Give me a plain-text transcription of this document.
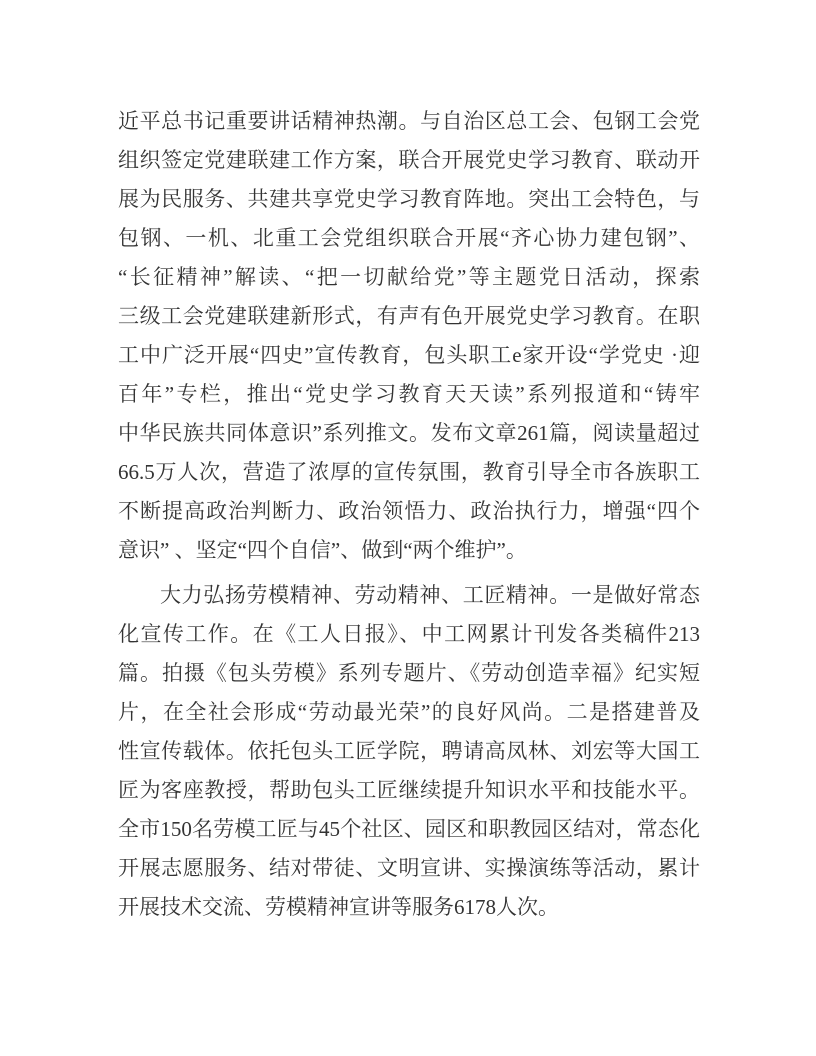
近平总书记重要讲话精神热潮。与自治区总工会、包钢工会党
组织签定党建联建工作方案，联合开展党史学习教育、联动开
展为民服务、共建共享党史学习教育阵地。突出工会特色，与
包钢、一机、北重工会党组织联合开展“齐心协力建包钢”、
“长征精神”解读、“把一切献给党”等主题党日活动，探索
三级工会党建联建新形式，有声有色开展党史学习教育。在职
工中广泛开展“四史”宣传教育，包头职工e家开设“学党史 ·迎
百年”专栏，推出“党史学习教育天天读”系列报道和“铸牢
中华民族共同体意识”系列推文。发布文章261篇，阅读量超过
66.5万人次，营造了浓厚的宣传氛围，教育引导全市各族职工
不断提高政治判断力、政治领悟力、政治执行力，增强“四个
意识” 、坚定“四个自信”、做到“两个维护”。
大力弘扬劳模精神、劳动精神、工匠精神。一是做好常态
化宣传工作。在《工人日报》、中工网累计刊发各类稿件213
篇。拍摄《包头劳模》系列专题片、《劳动创造幸福》纪实短
片，在全社会形成“劳动最光荣”的良好风尚。二是搭建普及
性宣传载体。依托包头工匠学院，聘请高凤林、刘宏等大国工
匠为客座教授，帮助包头工匠继续提升知识水平和技能水平。
全市150名劳模工匠与45个社区、园区和职教园区结对，常态化
开展志愿服务、结对带徒、文明宣讲、实操演练等活动，累计
开展技术交流、劳模精神宣讲等服务6178人次。
